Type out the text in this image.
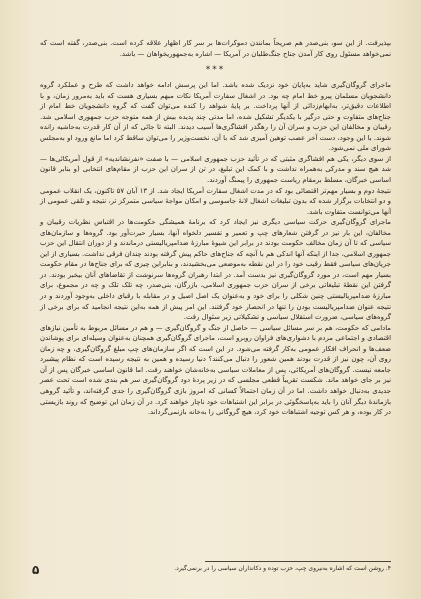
بپذیرفت. از این سو، بنی‌صدر هم صریحاً بمانندن دموکرات‌ها بر سر کار اظهار علاقه کرده است. بنی‌صدر، گفته است که نمی‌خواهد مسئول روی کار آمدن جناح جنگ‌طلبان در آمریکا — اشاره به‌جمهوریخواهان — باشد.

***

ماجرای گروگان‌گیری شاید به‌پایان خود نزدیک شده باشد. اما این پرسش ادامه خواهد داشت که طرح و عملکرد گروه دانشجویان مسلمان پیرو خط امام چه بود. در اشغال سفارت آمریکا نکات مبهم بسیاری هست که باید به‌مرور زمان، و با اطلاعات دقیق‌تر، به‌ابهام‌زدائی از آنها پرداخت. بر پایهٔ شواهد را کنده می‌توان گفت که گروه دانشجویان خط امام از جناح‌های متفاوت و حتی درگیر با یکدیگر تشکیل شده، اما مدتی چند پدیده بیش از همه متوجه حزب جمهوری اسلامی شد. رقیبان و مخالفان این حزب و سران آن را رهگذر افشاگری‌ها آسیب دیدند. البته تا جائی که از آن کار قدرت به‌حاشیه رانده شوند. با این وجود، دست آخر عصب توهین آمیزی شد که با آن، نخست‌وزیر را می‌توان ساقط کرد اما مانع ورود او به‌مجلس شورای ملی نمی‌شود.

از سوی دیگر، یکی هم افشاگری مثبتی که در تأثید حزب جمهوری اسلامی — با صفت «نفرنشاندیه» از قول آمریکائی‌ها — شد هیچ سند و مدرکی به‌همراه نداشت و با کمک این تبلیغ، در تن از سران این حزب از مقام‌های انتخابی (و بنابر قانون اساسی خبرگان، مسلط برمقام ریاست جمهوری را پیمنگ آوردند.

نتیجهٔ دوم و بسیار مهم‌تر اقتضائی بود که در مدت اشغال سفارت آمریکا ایجاد شد. از ۱۳ آبان ۵۷ تاکنون، یک انقلاب عمومی و دو انتخابات برگزار شده که بدون تبلیغات اشغال لانهٔ جاسوسی و امکان مواجهٔ سیاسی متمرکز تر، نتیجه و تلقی عمومی از آنها می‌توانست متفاوت باشد.

ماجرای گروگان‌گیری حرکت سیاسی دیگری نیز ایجاد کرد که برنامهٔ همیشگی حکومت‌ها در اقتباس نظریات رقیبان و مخالفان، این بار نیز در گرفتن شعارهای چپ و تعمیر و تفسیر دلخواه آنها، بسیار حیرت‌آور بود. گروه‌ها و سازمان‌های سیاسی که تا آن زمان مخالف حکومت بودند در برابر این شیوهٔ مبارزهٔ ضدامپریالیستی درماندند و از دوران انتقال این حزب جمهوری اسلامی، جدا از اینکه آنها اندکی هم با آنچه که جناح‌های حاکم پیش گرفته بودند چندان فرقی نداشت. بسیاری از این جریان‌های سیاسی فقط رقیب خود را در این نقطه به‌موضعی می‌بخشیدند، و بنابراین چیزی که برای جناح‌ها در مقام حکومت بسیار مهم است، در مورد گروگان‌گیری نیز بدست آمد. در ابتدا رهبران گروه‌ها سرنوشت از تقاضاهای آنان بیخبر بودند. در گرفتن این نقطهٔ تبلیغاتی برخی از سران حزب جمهوری اسلامی، بازرگان، بنی‌صدر، چه تلک تلک و چه در مجموع، برای مبارزهٔ ضدامپریالیستی چنین شکلی را برای خود و به‌عنوان یک اصل اصیل و در مقابله با رقبای داخلی به‌وجود آوردند و در نتیجه عنوان ضدامپریالیست بودن را تنها در انحصار خود گرفتند. این امر پیش از همه به‌این نتیجه انجامید که برای برخی از گروه‌های سیاسی، ضرورت استقلال سیاسی و تشکیلاتی زیر سئوال رفت.

مادامی که حکومت، هم بر سر مسائل سیاسی — حاصل از جنگ و گروگان‌گیری — و هم در مسائل مربوط به تأمین نیازهای اقتصادی و اجتماعی مردم با دشواری‌های فراوان روبرو است، ماجرای گروگان‌گیری همچنان به‌عنوان وسیله‌ای برای پوشاندن ضعف‌ها و انحراف افکار عمومی به‌کار گرفته می‌شود. در این است که اگر سازمان‌های چپ مبلغ گروگان‌گیری، و چه زمان روی آن، چون نیز از قدرت بودند همین شعور را دنبال می‌کنند؟ دنیا رسیده و همین به نتیجه رسیده است که نظام پیشبرد جامعه نیست. گروگان‌های آمریکائی، پس از معاملات سیاسی به‌خانه‌شان خواهند رفت. اما قانون اساسی خبرگان پس از آن نیز بر جای خواهد ماند. شکست تقریباً قطعی مجلسی که در زیر پردهٔ دود گروگان‌گیری سر هم بندی شده است تحت عصر جدیدی به‌دنبال خواهد داشت. اما در آن زمان احتمالاً کسانی که امروز بازی گروگان‌گیری را جدی گرفته‌اند، و تأئید گروهی بازماندهٔ دیگر آنان را باید به‌پاسخگوئی در برابر این اشتباهات خود ناچار خواهند کرد. در آن زمان این توضیح که روند بازیستی در کار بوده، و هر کس توجیه اشتباهات خود کرد، هیچ گروگانی را به‌خانه بازنمی‌گرداند.

۴. روشن است که اشاره به‌نیروی چپ، حزب توده و دکانداران سیاسی را در برنمی‌گیرد.
۵
